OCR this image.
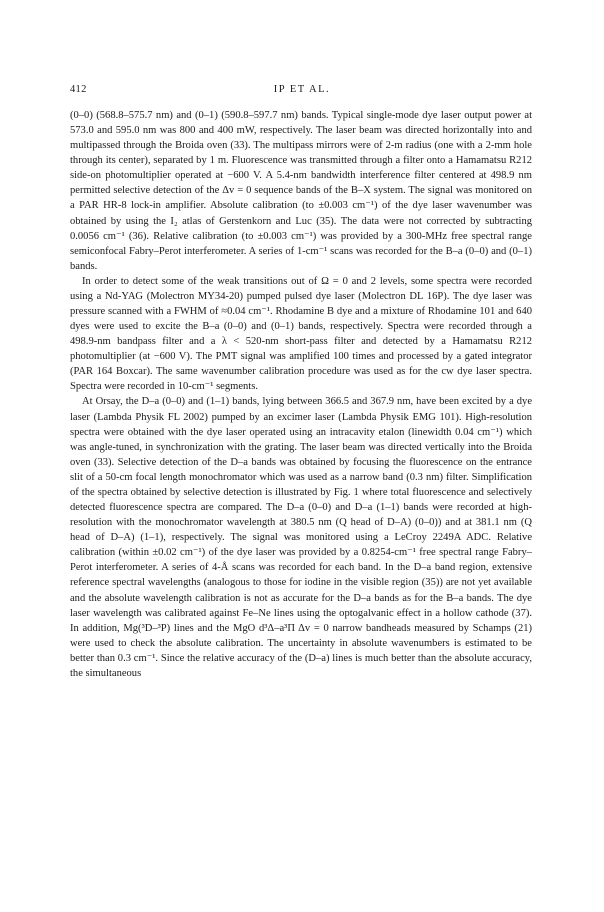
412	IP ET AL.

(0–0) (568.8–575.7 nm) and (0–1) (590.8–597.7 nm) bands. Typical single-mode dye laser output power at 573.0 and 595.0 nm was 800 and 400 mW, respectively. The laser beam was directed horizontally into and multipassed through the Broida oven (33). The multipass mirrors were of 2-m radius (one with a 2-mm hole through its center), separated by 1 m. Fluorescence was transmitted through a filter onto a Hamamatsu R212 side-on photomultiplier operated at −600 V. A 5.4-nm bandwidth interference filter centered at 498.9 nm permitted selective detection of the Δv = 0 sequence bands of the B–X system. The signal was monitored on a PAR HR-8 lock-in amplifier. Absolute calibration (to ±0.003 cm⁻¹) of the dye laser wavenumber was obtained by using the I₂ atlas of Gerstenkorn and Luc (35). The data were not corrected by subtracting 0.0056 cm⁻¹ (36). Relative calibration (to ±0.003 cm⁻¹) was provided by a 300-MHz free spectral range semiconfocal Fabry–Perot interferometer. A series of 1-cm⁻¹ scans was recorded for the B–a (0–0) and (0–1) bands.

In order to detect some of the weak transitions out of Ω = 0 and 2 levels, some spectra were recorded using a Nd-YAG (Molectron MY34-20) pumped pulsed dye laser (Molectron DL 16P). The dye laser was pressure scanned with a FWHM of ≈0.04 cm⁻¹. Rhodamine B dye and a mixture of Rhodamine 101 and 640 dyes were used to excite the B–a (0–0) and (0–1) bands, respectively. Spectra were recorded through a 498.9-nm bandpass filter and a λ < 520-nm short-pass filter and detected by a Hamamatsu R212 photomultiplier (at −600 V). The PMT signal was amplified 100 times and processed by a gated integrator (PAR 164 Boxcar). The same wavenumber calibration procedure was used as for the cw dye laser spectra. Spectra were recorded in 10-cm⁻¹ segments.

At Orsay, the D–a (0–0) and (1–1) bands, lying between 366.5 and 367.9 nm, have been excited by a dye laser (Lambda Physik FL 2002) pumped by an excimer laser (Lambda Physik EMG 101). High-resolution spectra were obtained with the dye laser operated using an intracavity etalon (linewidth 0.04 cm⁻¹) which was angle-tuned, in synchronization with the grating. The laser beam was directed vertically into the Broida oven (33). Selective detection of the D–a bands was obtained by focusing the fluorescence on the entrance slit of a 50-cm focal length monochromator which was used as a narrow band (0.3 nm) filter. Simplification of the spectra obtained by selective detection is illustrated by Fig. 1 where total fluorescence and selectively detected fluorescence spectra are compared. The D–a (0–0) and D–a (1–1) bands were recorded at high-resolution with the monochromator wavelength at 380.5 nm (Q head of D–A) (0–0)) and at 381.1 nm (Q head of D–A) (1–1), respectively. The signal was monitored using a LeCroy 2249A ADC. Relative calibration (within ±0.02 cm⁻¹) of the dye laser was provided by a 0.8254-cm⁻¹ free spectral range Fabry–Perot interferometer. A series of 4-Å scans was recorded for each band. In the D–a band region, extensive reference spectral wavelengths (analogous to those for iodine in the visible region (35)) are not yet available and the absolute wavelength calibration is not as accurate for the D–a bands as for the B–a bands. The dye laser wavelength was calibrated against Fe–Ne lines using the optogalvanic effect in a hollow cathode (37). In addition, Mg(³D–³P) lines and the MgO d³Δ–a³Π Δv = 0 narrow bandheads measured by Schamps (21) were used to check the absolute calibration. The uncertainty in absolute wavenumbers is estimated to be better than 0.3 cm⁻¹. Since the relative accuracy of the (D–a) lines is much better than the absolute accuracy, the simultaneous
